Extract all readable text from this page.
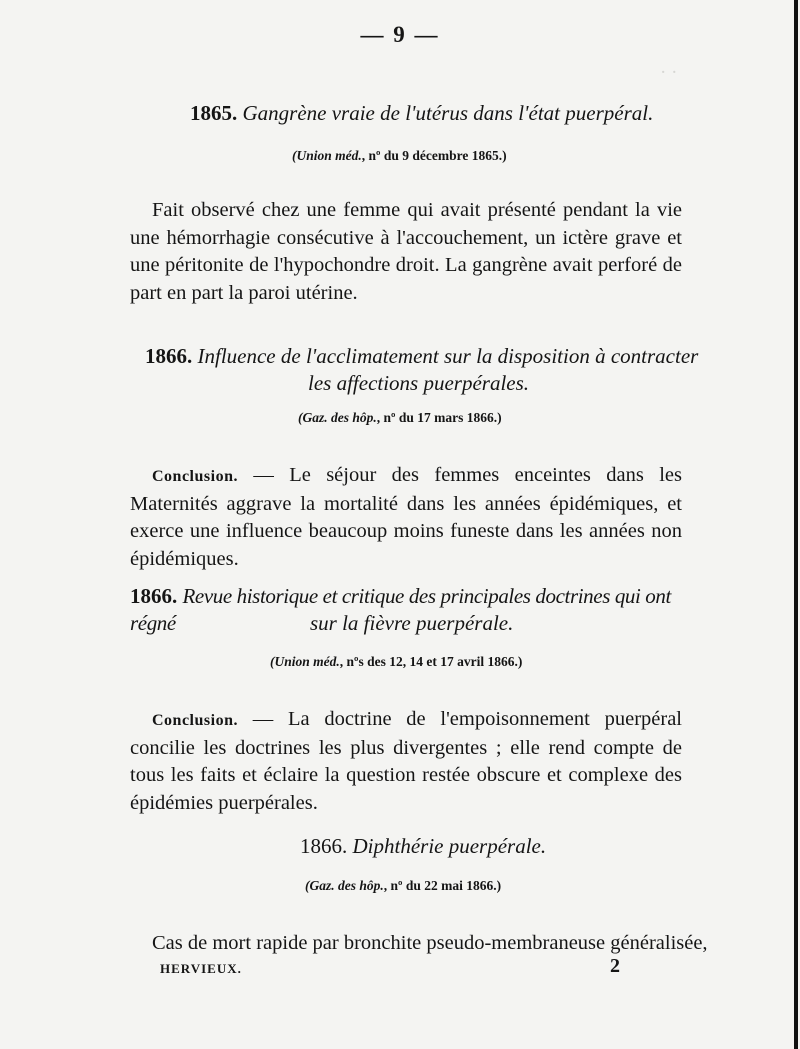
· ·
— 9 —
1865. Gangrène vraie de l'utérus dans l'état puerpéral.
(Union méd., nº du 9 décembre 1865.)
Fait observé chez une femme qui avait présenté pendant la vie une hémorrhagie consécutive à l'accouchement, un ictère grave et une péritonite de l'hypochondre droit. La gangrène avait perforé de part en part la paroi utérine.
1866. Influence de l'acclimatement sur la disposition à contracter
les affections puerpérales.
(Gaz. des hôp., nº du 17 mars 1866.)
Conclusion. — Le séjour des femmes enceintes dans les Maternités aggrave la mortalité dans les années épidémiques, et exerce une influence beaucoup moins funeste dans les années non épidémiques.
1866. Revue historique et critique des principales doctrines qui ont régné	sur la fièvre puerpérale.
(Union méd., nºs des 12, 14 et 17 avril 1866.)
Conclusion. — La doctrine de l'empoisonnement puerpéral concilie les doctrines les plus divergentes ; elle rend compte de tous les faits et éclaire la question restée obscure et complexe des épidémies puerpérales.
1866. Diphthérie puerpérale.
(Gaz. des hôp., nº du 22 mai 1866.)
Cas de mort rapide par bronchite pseudo-membraneuse généralisée,
HERVIEUX.	2
